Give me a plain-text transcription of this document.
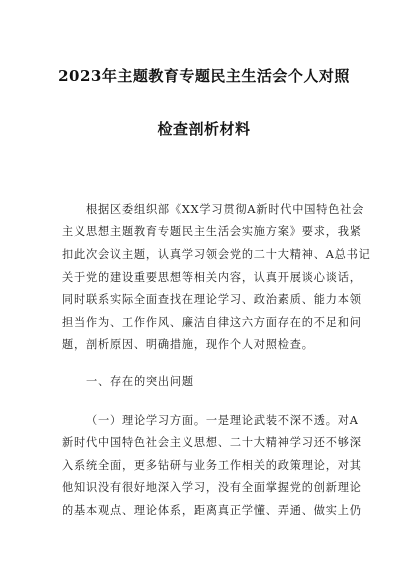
2023年主题教育专题民主生活会个人对照
检查剖析材料
根据区委组织部《XX学习贯彻A新时代中国特色社会
主义思想主题教育专题民主生活会实施方案》要求，我紧
扣此次会议主题，认真学习领会党的二十大精神、A总书记
关于党的建设重要思想等相关内容，认真开展谈心谈话，
同时联系实际全面查找在理论学习、政治素质、能力本领
担当作为、工作作风、廉洁自律这六方面存在的不足和问
题，剖析原因、明确措施，现作个人对照检查。
一、存在的突出问题
（一）理论学习方面。一是理论武装不深不透。对A
新时代中国特色社会主义思想、二十大精神学习还不够深
入系统全面，更多钻研与业务工作相关的政策理论，对其
他知识没有很好地深入学习，没有全面掌握党的创新理论
的基本观点、理论体系，距离真正学懂、弄通、做实上仍
